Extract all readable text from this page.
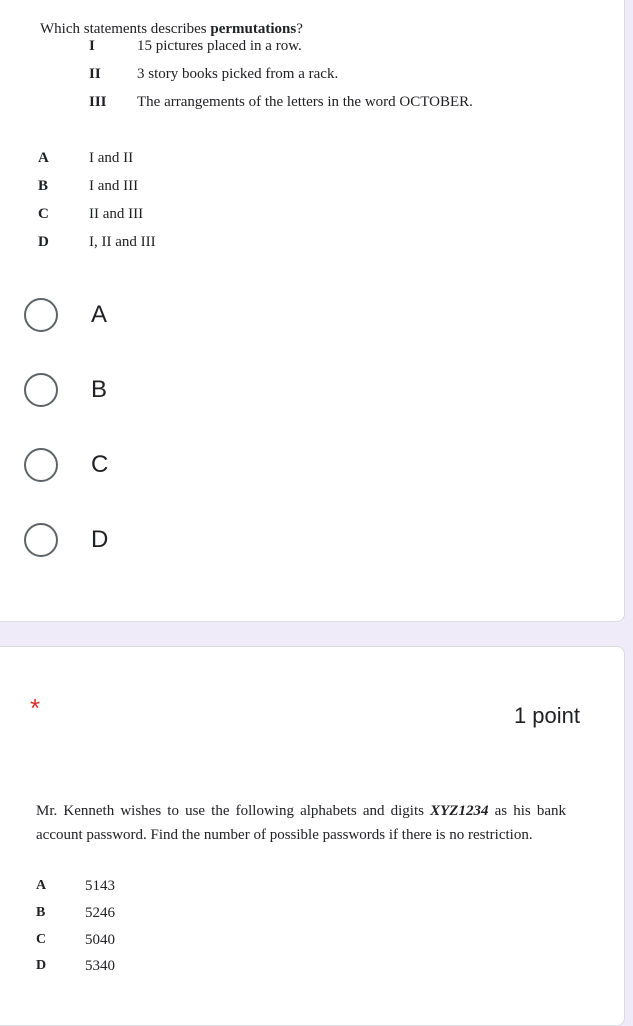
Which statements describes permutations?
I	15 pictures placed in a row.
II 3 story books picked from a rack.
III The arrangements of the letters in the word OCTOBER.
A	I and II
B	I and III
C	II and III
D	I, II and III
A
B
C
D
*	1 point
Mr. Kenneth wishes to use the following alphabets and digits XYZ1234 as his bank account password. Find the number of possible passwords if there is no restriction.
A	5143
B	5246
C	5040
D	5340
